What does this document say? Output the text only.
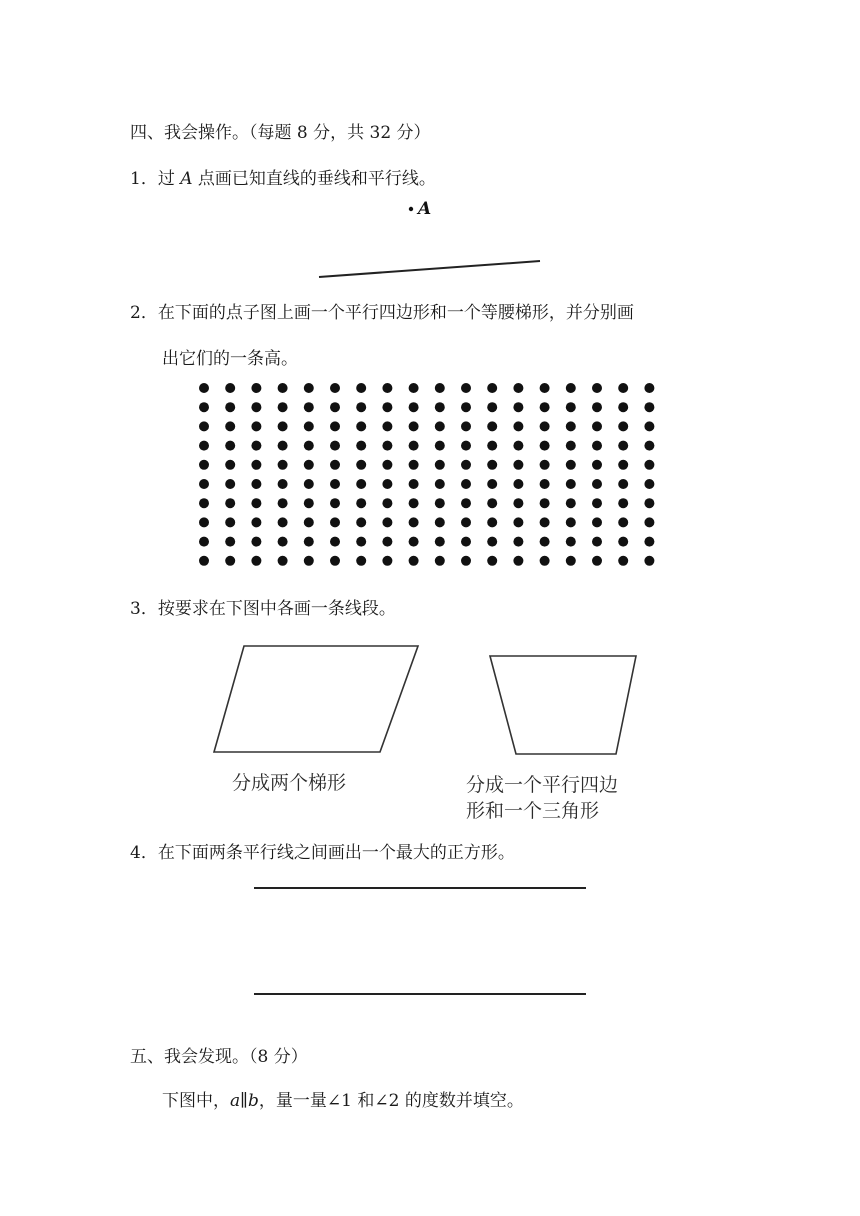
四、我会操作。（每题 8 分，共 32 分）
1．过 A 点画已知直线的垂线和平行线。
A
2．在下面的点子图上画一个平行四边形和一个等腰梯形，并分别画
出它们的一条高。
3．按要求在下图中各画一条线段。
分成两个梯形	分成一个平行四边
形和一个三角形
4．在下面两条平行线之间画出一个最大的正方形。
五、我会发现。（8 分）
下图中，a∥b，量一量∠1 和∠2 的度数并填空。
